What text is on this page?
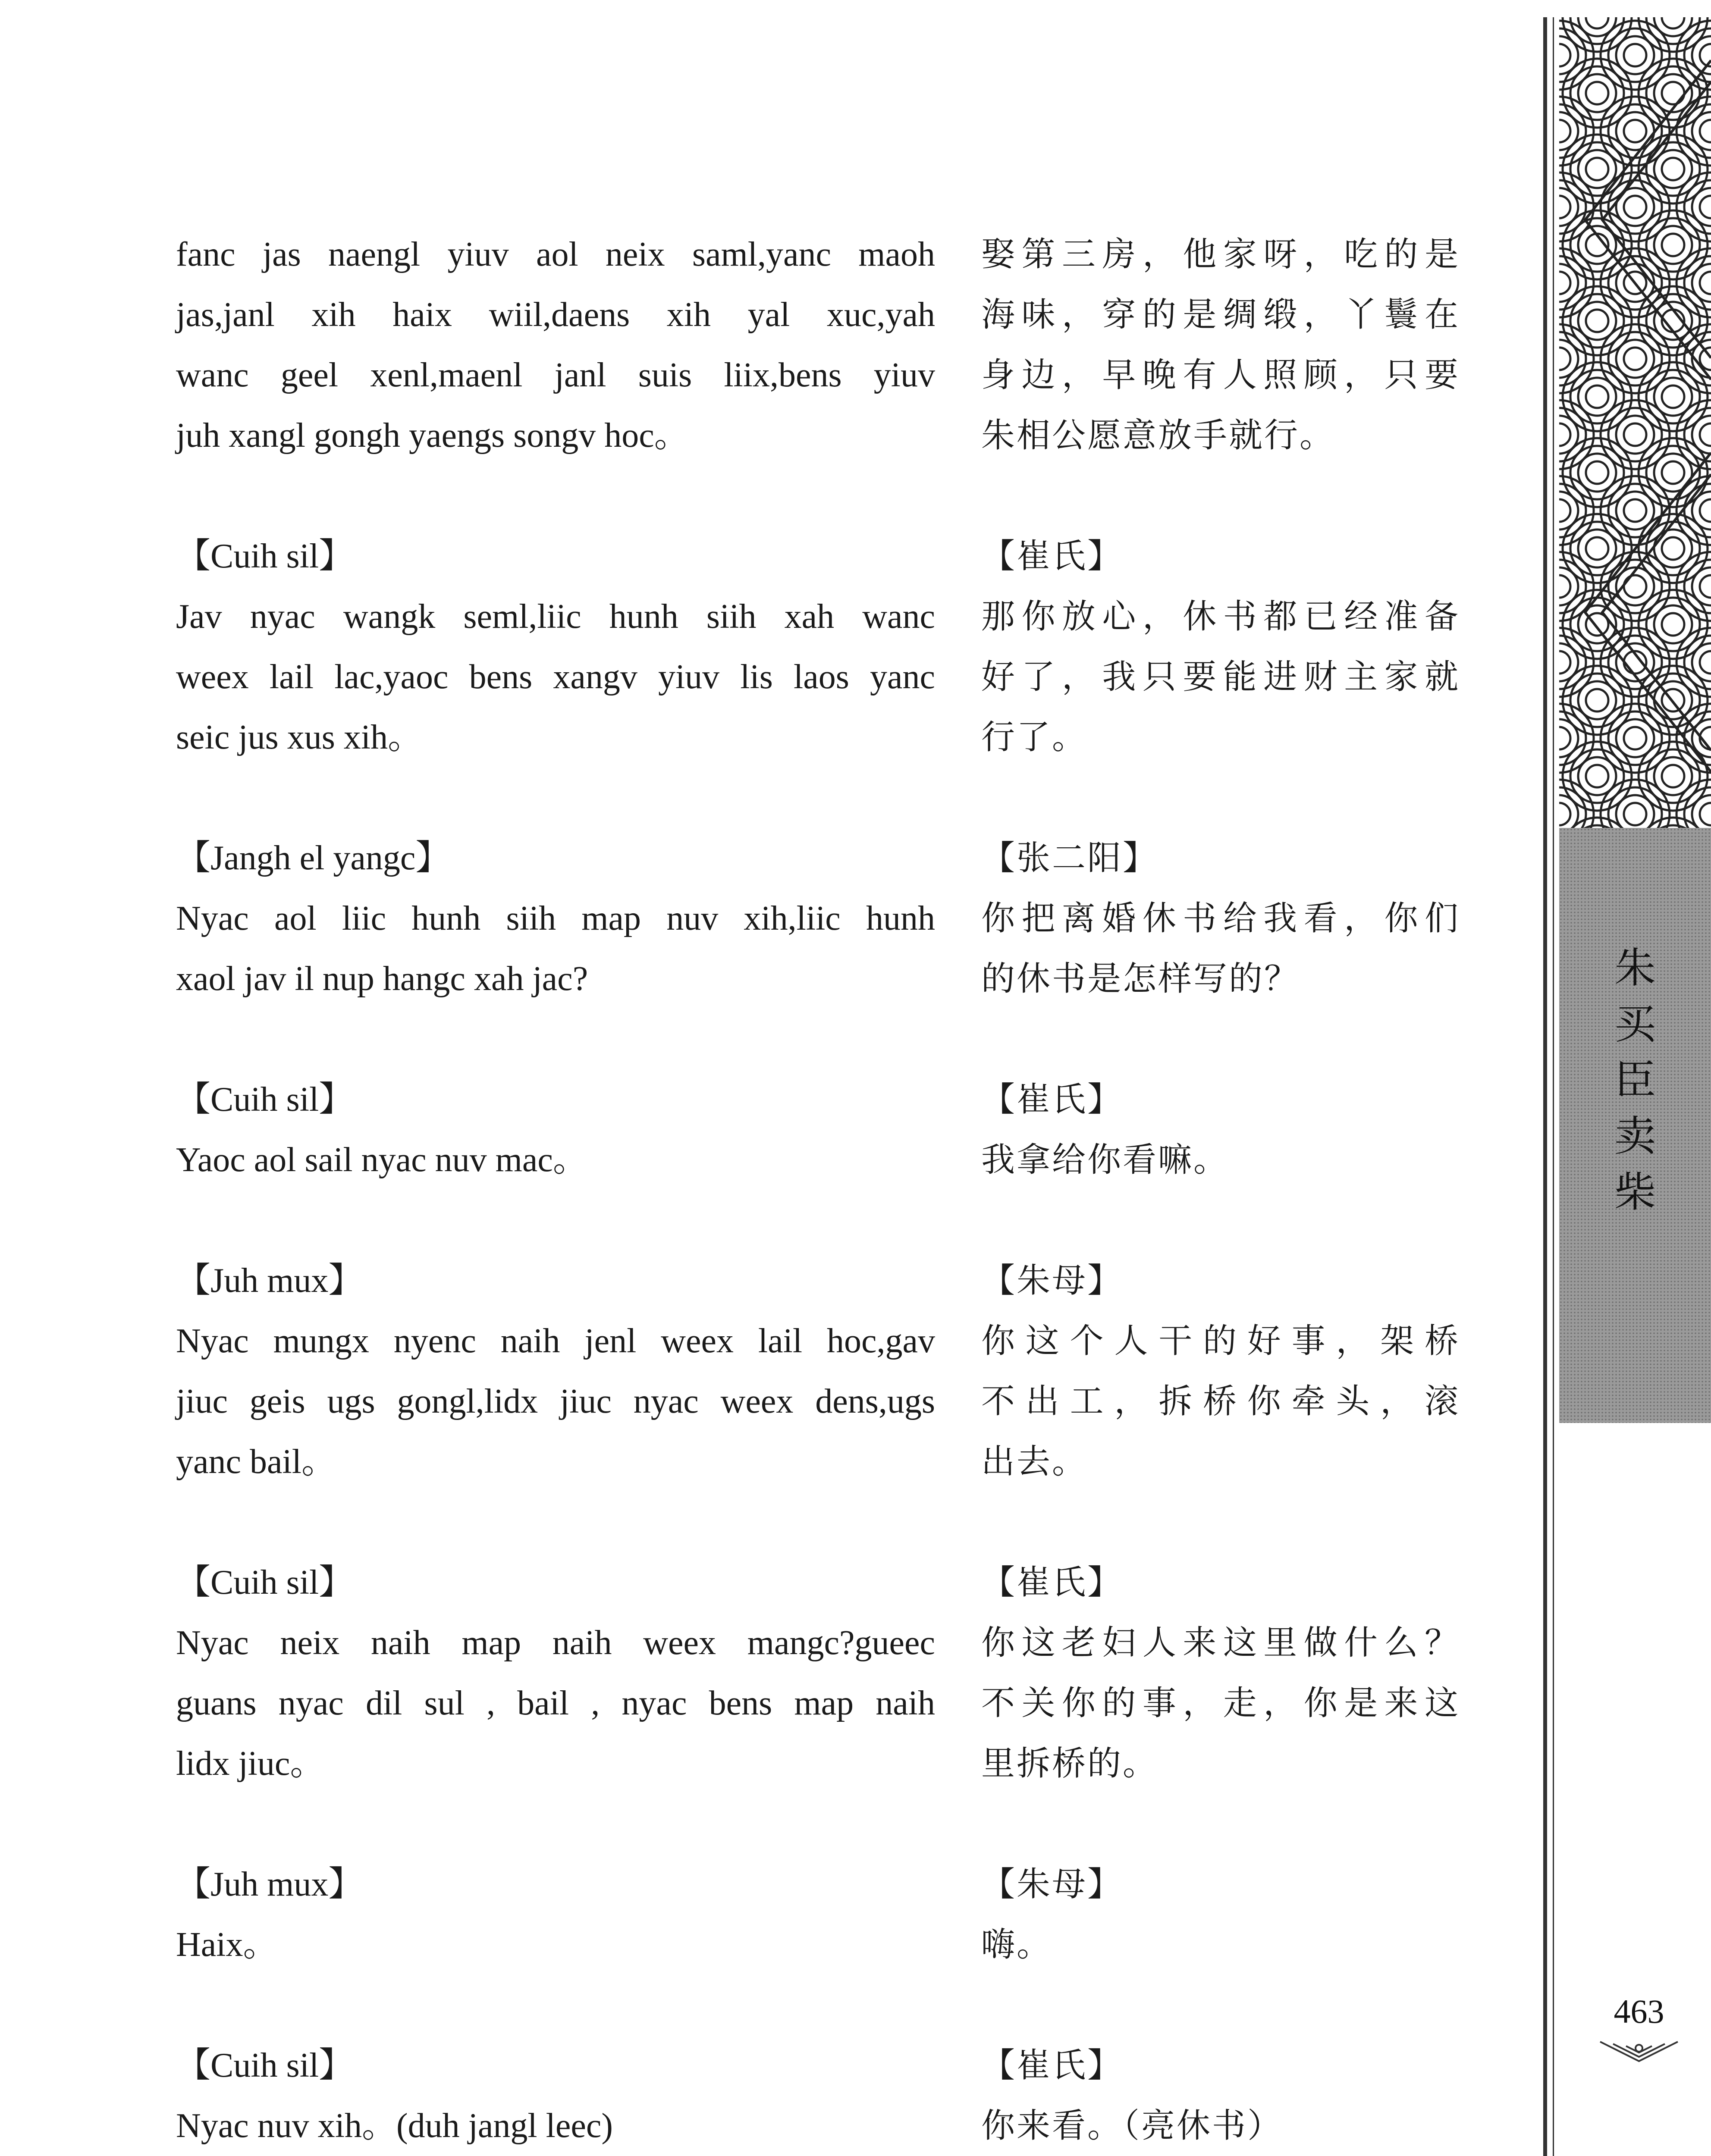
fanc jas naengl yiuv aol neix saml,yanc maoh
jas,janl xih haix wiil,daens xih yal xuc,yah
wanc geel xenl,maenl janl suis liix,bens yiuv
juh xangl gongh yaengs songv hoc。
【Cuih sil】
Jav nyac wangk seml,liic hunh siih xah wanc
weex lail lac,yaoc bens xangv yiuv lis laos yanc
seic jus xus xih。
【Jangh el yangc】
Nyac aol liic hunh siih map nuv xih,liic hunh
xaol jav il nup hangc xah jac?
【Cuih sil】
Yaoc aol sail nyac nuv mac。
【Juh mux】
Nyac mungx nyenc naih jenl weex lail hoc,gav
jiuc geis ugs gongl,lidx jiuc nyac weex dens,ugs
yanc bail。
【Cuih sil】
Nyac neix naih map naih weex mangc?gueec
guans nyac dil sul , bail , nyac bens map naih
lidx jiuc。
【Juh mux】
Haix。
【Cuih sil】
Nyac nuv xih。(duh jangl leec)
娶第三房，他家呀，吃的是
海味，穿的是绸缎，丫鬟在
身边，早晚有人照顾，只要
朱相公愿意放手就行。
【崔氏】
那你放心，休书都已经准备
好了，我只要能进财主家就
行了。
【张二阳】
你把离婚休书给我看，你们
的休书是怎样写的？
【崔氏】
我拿给你看嘛。
【朱母】
你这个人干的好事，架桥
不出工，拆桥你牵头，滚
出去。
【崔氏】
你这老妇人来这里做什么？
不关你的事，走，你是来这
里拆桥的。
【朱母】
嗨。
【崔氏】
你来看。（亮休书）
朱
买
臣
卖
柴
463
